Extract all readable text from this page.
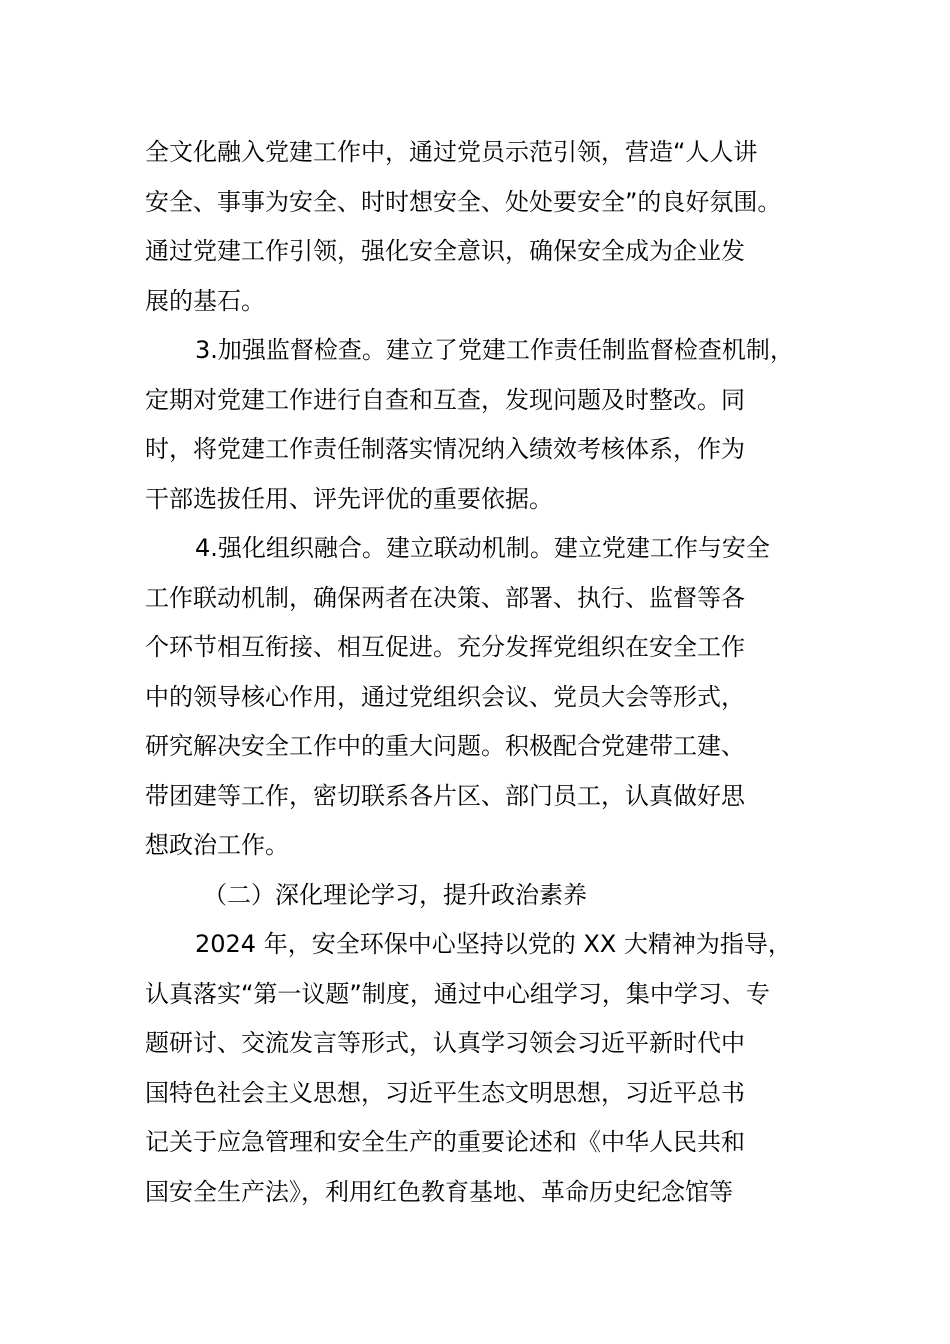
全文化融入党建工作中，通过党员示范引领，营造“人人讲
安全、事事为安全、时时想安全、处处要安全”的良好氛围。
通过党建工作引领，强化安全意识，确保安全成为企业发
展的基石。
3.加强监督检查。建立了党建工作责任制监督检查机制，
定期对党建工作进行自查和互查，发现问题及时整改。同
时，将党建工作责任制落实情况纳入绩效考核体系，作为
干部选拔任用、评先评优的重要依据。
4.强化组织融合。建立联动机制。建立党建工作与安全
工作联动机制，确保两者在决策、部署、执行、监督等各
个环节相互衔接、相互促进。充分发挥党组织在安全工作
中的领导核心作用，通过党组织会议、党员大会等形式，
研究解决安全工作中的重大问题。积极配合党建带工建、
带团建等工作，密切联系各片区、部门员工，认真做好思
想政治工作。
（二）深化理论学习，提升政治素养
2024 年，安全环保中心坚持以党的 XX 大精神为指导，
认真落实“第一议题”制度，通过中心组学习，集中学习、专
题研讨、交流发言等形式，认真学习领会习近平新时代中
国特色社会主义思想，习近平生态文明思想，习近平总书
记关于应急管理和安全生产的重要论述和《中华人民共和
国安全生产法》，利用红色教育基地、革命历史纪念馆等
